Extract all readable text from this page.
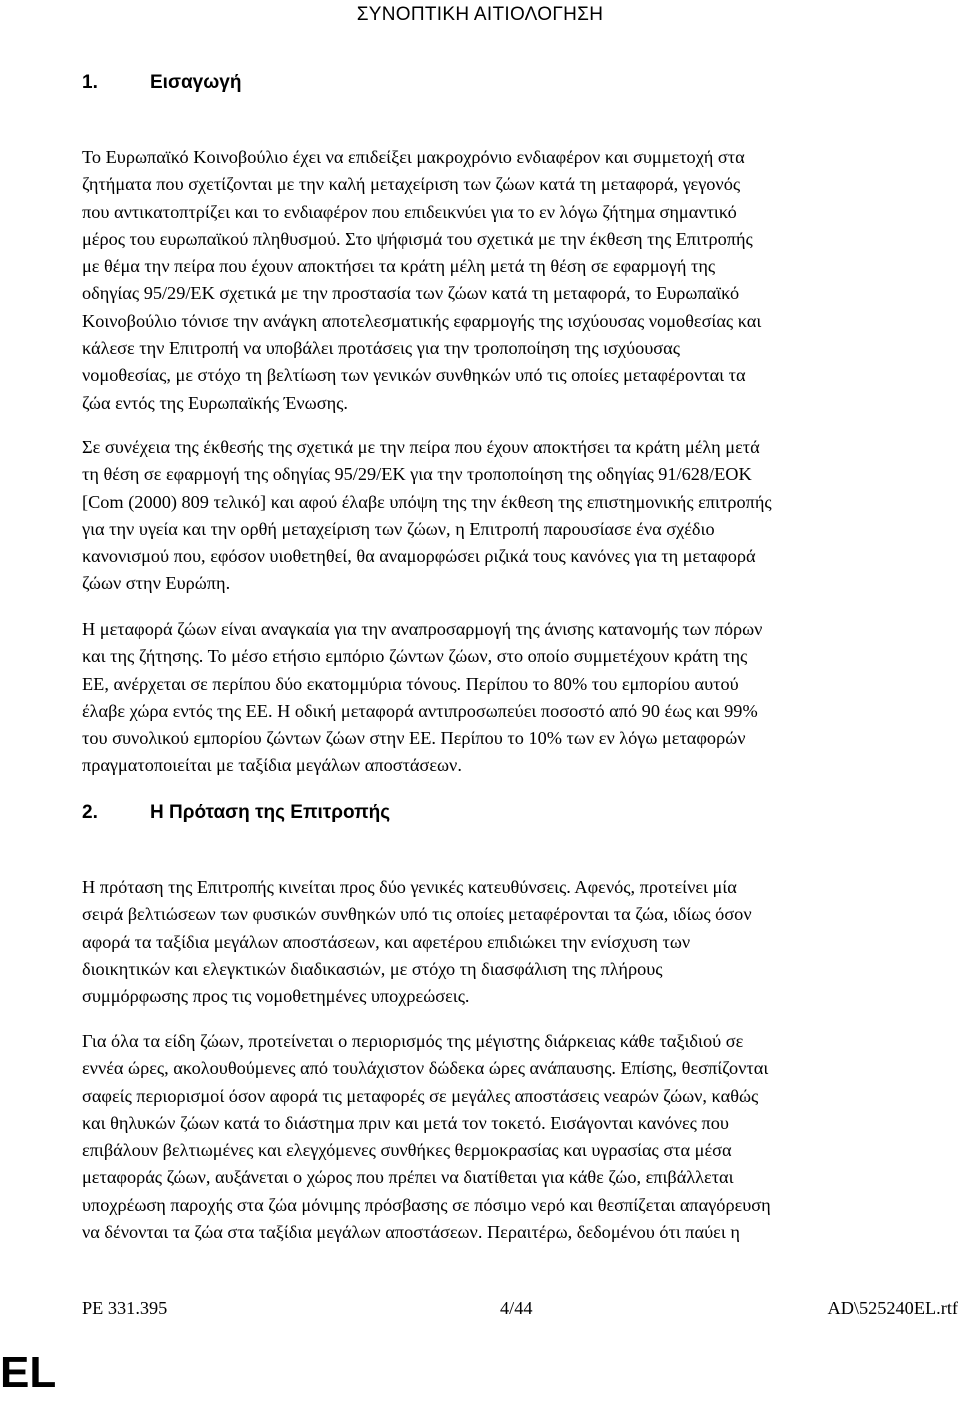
ΣΥΝΟΠΤΙΚΗ ΑΙΤΙΟΛΟΓΗΣΗ
1.	Εισαγωγή

Το Ευρωπαϊκό Κοινοβούλιο έχει να επιδείξει μακροχρόνιο ενδιαφέρον και συμμετοχή στα
ζητήματα που σχετίζονται με την καλή μεταχείριση των ζώων κατά τη μεταφορά, γεγονός
που αντικατοπτρίζει και το ενδιαφέρον που επιδεικνύει για το εν λόγω ζήτημα σημαντικό
μέρος του ευρωπαϊκού πληθυσμού. Στο ψήφισμά του σχετικά με την έκθεση της Επιτροπής
με θέμα την πείρα που έχουν αποκτήσει τα κράτη μέλη μετά τη θέση σε εφαρμογή της
οδηγίας 95/29/ΕΚ σχετικά με την προστασία των ζώων κατά τη μεταφορά, το Ευρωπαϊκό
Κοινοβούλιο τόνισε την ανάγκη αποτελεσματικής εφαρμογής της ισχύουσας νομοθεσίας και
κάλεσε την Επιτροπή να υποβάλει προτάσεις για την τροποποίηση της ισχύουσας
νομοθεσίας, με στόχο τη βελτίωση των γενικών συνθηκών υπό τις οποίες μεταφέρονται τα
ζώα εντός της Ευρωπαϊκής Ένωσης.

Σε συνέχεια της έκθεσής της σχετικά με την πείρα που έχουν αποκτήσει τα κράτη μέλη μετά
τη θέση σε εφαρμογή της οδηγίας 95/29/ΕΚ για την τροποποίηση της οδηγίας 91/628/ΕΟΚ
[Com (2000) 809 τελικό] και αφού έλαβε υπόψη της την έκθεση της επιστημονικής επιτροπής
για την υγεία και την ορθή μεταχείριση των ζώων, η Επιτροπή παρουσίασε ένα σχέδιο
κανονισμού που, εφόσον υιοθετηθεί, θα αναμορφώσει ριζικά τους κανόνες για τη μεταφορά
ζώων στην Ευρώπη.

Η μεταφορά ζώων είναι αναγκαία για την αναπροσαρμογή της άνισης κατανομής των πόρων
και της ζήτησης. Το μέσο ετήσιο εμπόριο ζώντων ζώων, στο οποίο συμμετέχουν κράτη της
ΕΕ, ανέρχεται σε περίπου δύο εκατομμύρια τόνους. Περίπου το 80% του εμπορίου αυτού
έλαβε χώρα εντός της ΕΕ. Η οδική μεταφορά αντιπροσωπεύει ποσοστό από 90 έως και 99%
του συνολικού εμπορίου ζώντων ζώων στην ΕΕ. Περίπου το 10% των εν λόγω μεταφορών
πραγματοποιείται με ταξίδια μεγάλων αποστάσεων.

2.	Η Πρόταση της Επιτροπής

Η πρόταση της Επιτροπής κινείται προς δύο γενικές κατευθύνσεις. Αφενός, προτείνει μία
σειρά βελτιώσεων των φυσικών συνθηκών υπό τις οποίες μεταφέρονται τα ζώα, ιδίως όσον
αφορά τα ταξίδια μεγάλων αποστάσεων, και αφετέρου επιδιώκει την ενίσχυση των
διοικητικών και ελεγκτικών διαδικασιών, με στόχο τη διασφάλιση της πλήρους
συμμόρφωσης προς τις νομοθετημένες υποχρεώσεις.

Για όλα τα είδη ζώων, προτείνεται ο περιορισμός της μέγιστης διάρκειας κάθε ταξιδιού σε
εννέα ώρες, ακολουθούμενες από τουλάχιστον δώδεκα ώρες ανάπαυσης. Επίσης, θεσπίζονται
σαφείς περιορισμοί όσον αφορά τις μεταφορές σε μεγάλες αποστάσεις νεαρών ζώων, καθώς
και θηλυκών ζώων κατά το διάστημα πριν και μετά τον τοκετό. Εισάγονται κανόνες που
επιβάλουν βελτιωμένες και ελεγχόμενες συνθήκες θερμοκρασίας και υγρασίας στα μέσα
μεταφοράς ζώων, αυξάνεται ο χώρος που πρέπει να διατίθεται για κάθε ζώο, επιβάλλεται
υποχρέωση παροχής στα ζώα μόνιμης πρόσβασης σε πόσιμο νερό και θεσπίζεται απαγόρευση
να δένονται τα ζώα στα ταξίδια μεγάλων αποστάσεων. Περαιτέρω, δεδομένου ότι παύει η

PE 331.395	4/44	AD\525240EL.rtf
EL
